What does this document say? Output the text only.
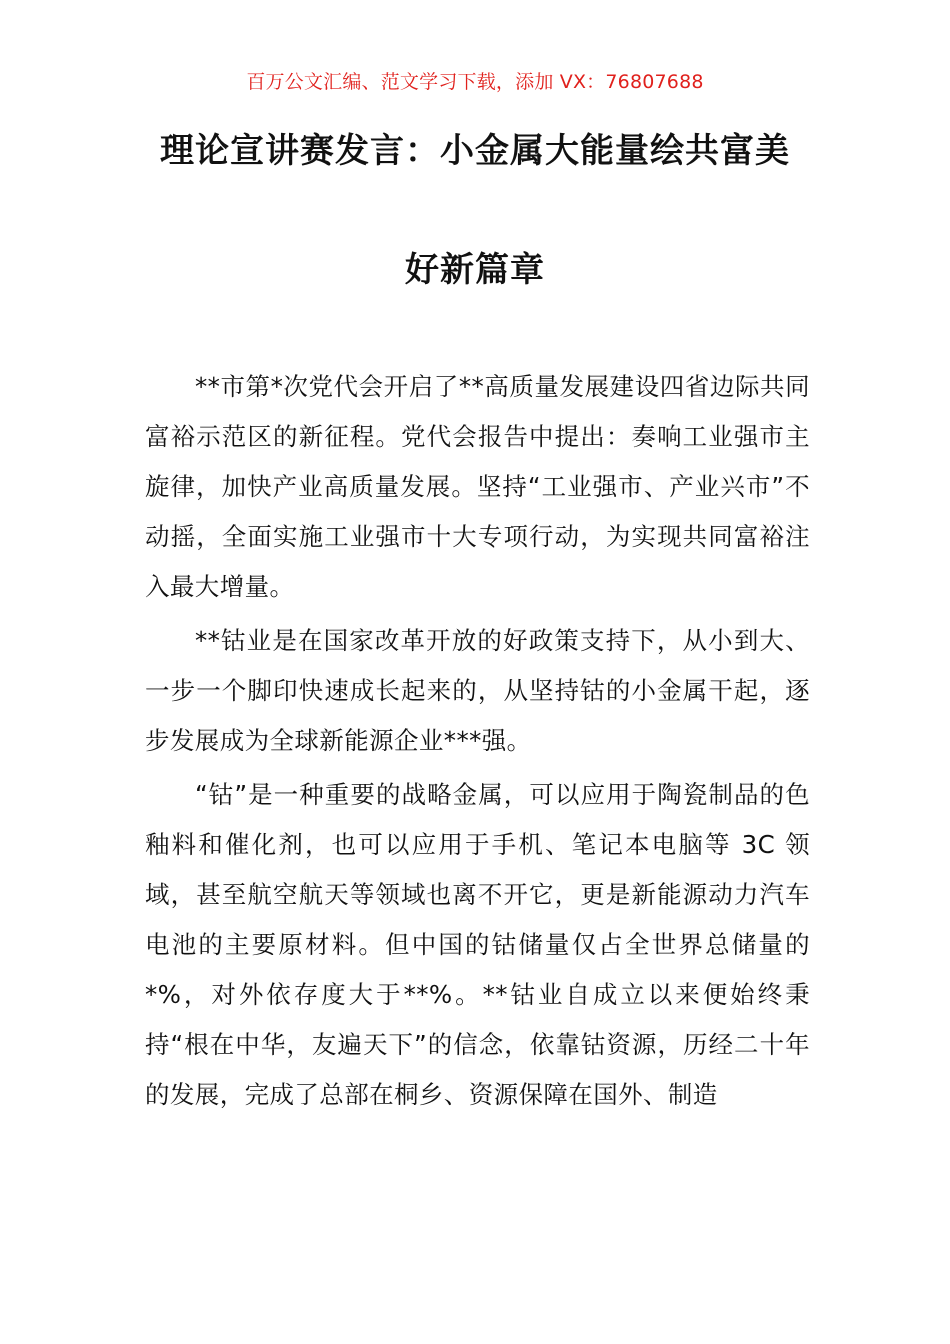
百万公文汇编、范文学习下载，添加 VX：76807688
理论宣讲赛发言：小金属大能量绘共富美
好新篇章

**市第*次党代会开启了**高质量发展建设四省边际共同富裕示范区的新征程。党代会报告中提出：奏响工业强市主旋律，加快产业高质量发展。坚持“工业强市、产业兴市”不动摇，全面实施工业强市十大专项行动，为实现共同富裕注入最大增量。

**钴业是在国家改革开放的好政策支持下，从小到大、一步一个脚印快速成长起来的，从坚持钴的小金属干起，逐步发展成为全球新能源企业***强。

“钴”是一种重要的战略金属，可以应用于陶瓷制品的色釉料和催化剂，也可以应用于手机、笔记本电脑等 3C 领域，甚至航空航天等领域也离不开它，更是新能源动力汽车电池的主要原材料。但中国的钴储量仅占全世界总储量的*%，对外依存度大于**%。**钴业自成立以来便始终秉持“根在中华，友遍天下”的信念，依靠钴资源，历经二十年的发展，完成了总部在桐乡、资源保障在国外、制造
